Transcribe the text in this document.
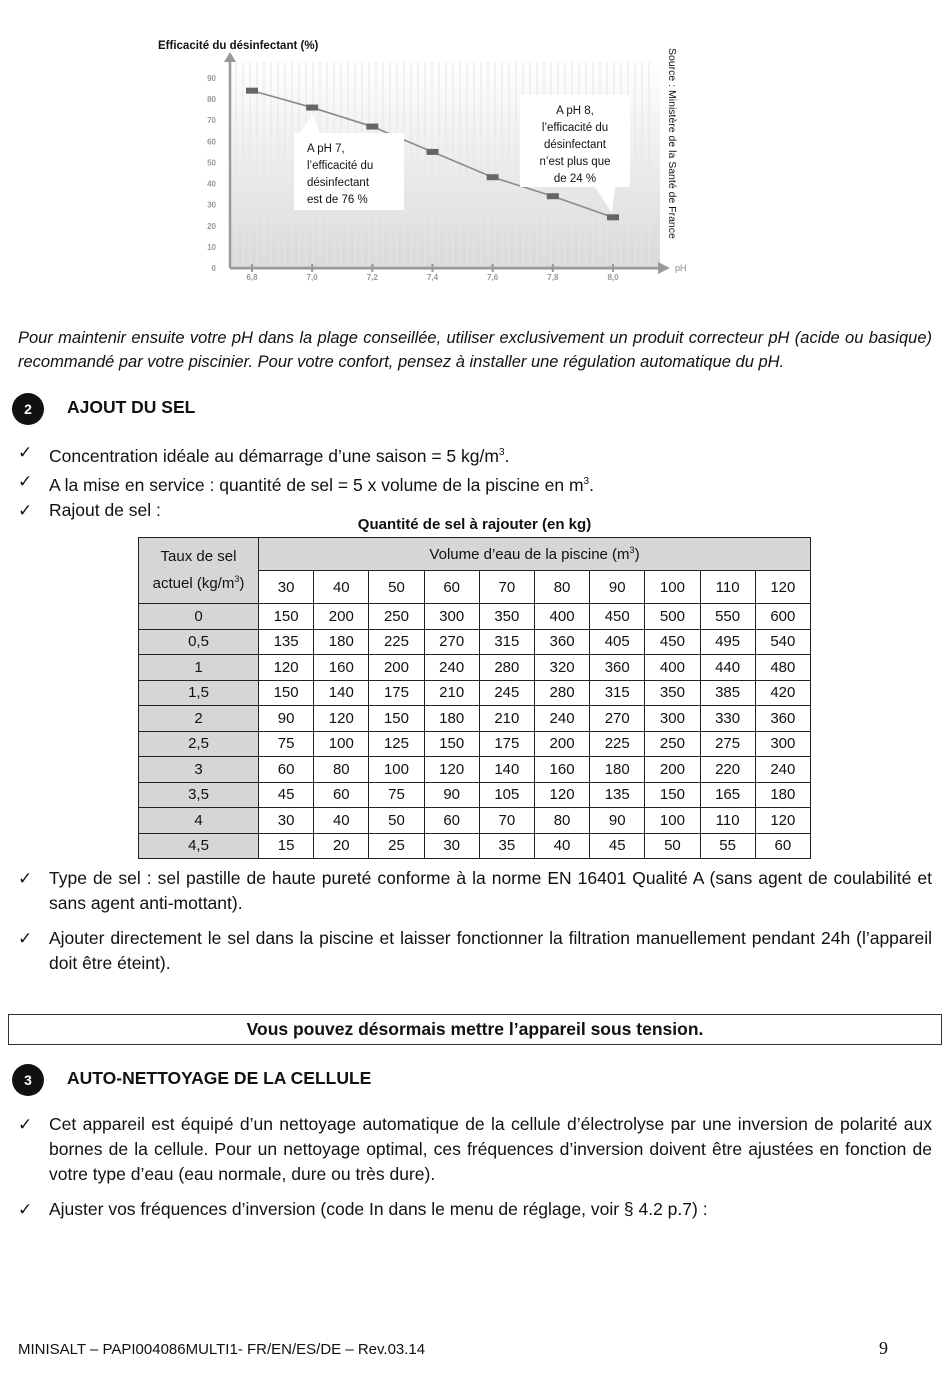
0
10
20
30
40
50
60
70
80
90
6,8	7,0	7,2	7,4	7,6	7,8	8,0
Efficacité du désinfectant (%)
pH
Source : Ministère de la Santé de France
A pH 7,
l’efficacité du
désinfectant
est de 76 %
A pH 8,
l’efficacité du
désinfectant
n’est plus que
de 24 %

Pour maintenir ensuite votre pH dans la plage conseillée, utiliser exclusivement un produit correcteur pH (acide ou basique) recommandé par votre piscinier. Pour votre confort, pensez à installer une régulation automatique du pH.

2	AJOUT DU SEL
✓ Concentration idéale au démarrage d’une saison = 5 $kg/m^3$.
✓ A la mise en service : quantité de sel = 5 x volume de la piscine en $m^3$.
✓ Rajout de sel :
Quantité de sel à rajouter (en kg)
Taux de sel
actuel $(kg/m^3)$	Volume d’eau de la piscine $(m^3)$									
	30	40	50	60	70	80	90	100	110	120
0	150	200	250	300	350	400	450	500	550	600
0,5	135	180	225	270	315	360	405	450	495	540
1	120	160	200	240	280	320	360	400	440	480
1,5	150	140	175	210	245	280	315	350	385	420
2	90	120	150	180	210	240	270	300	330	360
2,5	75	100	125	150	175	200	225	250	275	300
3	60	80	100	120	140	160	180	200	220	240
3,5	45	60	75	90	105	120	135	150	165	180
4	30	40	50	60	70	80	90	100	110	120
4,5	15	20	25	30	35	40	45	50	55	60
✓ Type de sel : sel pastille de haute pureté conforme à la norme EN 16401 Qualité A (sans agent de coulabilité et sans agent anti-mottant).
✓ Ajouter directement le sel dans la piscine et laisser fonctionner la filtration manuellement pendant 24h (l’appareil doit être éteint).
Vous pouvez désormais mettre l’appareil sous tension.
3	AUTO-NETTOYAGE DE LA CELLULE
✓ Cet appareil est équipé d’un nettoyage automatique de la cellule d’électrolyse par une inversion de polarité aux bornes de la cellule. Pour un nettoyage optimal, ces fréquences d’inversion doivent être ajustées en fonction de votre type d’eau (eau normale, dure ou très dure).
✓ Ajuster vos fréquences d’inversion (code In dans le menu de réglage, voir § 4.2 p.7) :
MINISALT – PAPI004086MULTI1- FR/EN/ES/DE – Rev.03.14	9
